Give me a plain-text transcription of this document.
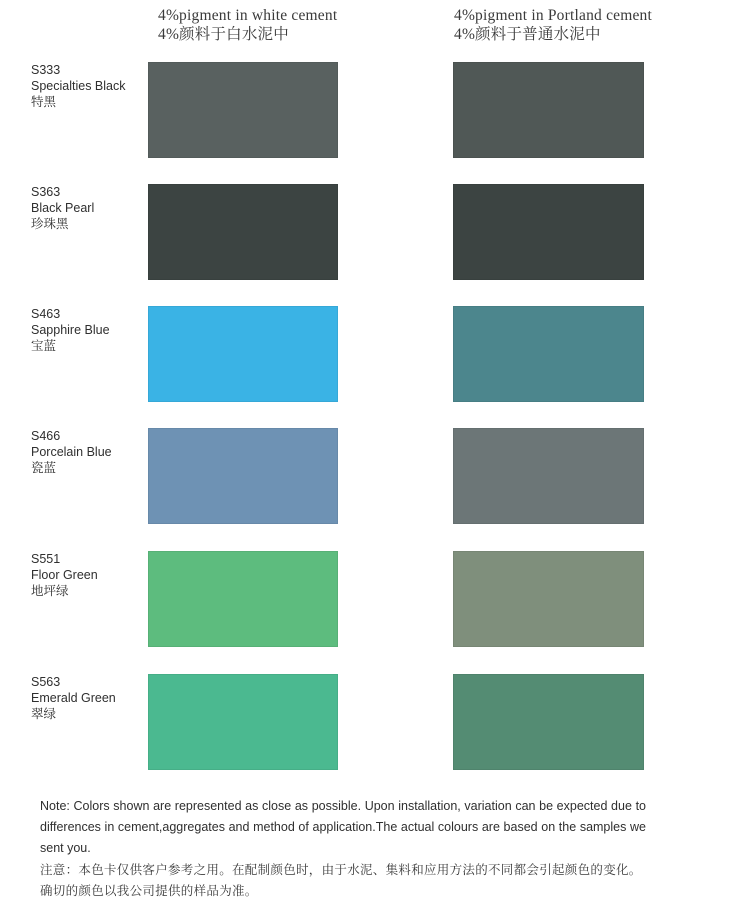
4%pigment in white cement
4%颜料于白水泥中
4%pigment in Portland cement
4%颜料于普通水泥中
S333
Specialties Black
特黑
S363
Black Pearl
珍珠黑
S463
Sapphire Blue
宝蓝
S466
Porcelain Blue
瓷蓝
S551
Floor Green
地坪绿
S563
Emerald Green
翠绿
Note: Colors shown are represented as close as possible. Upon installation, variation can be expected due to differences in cement,aggregates and method of application.The actual colours are based on the samples we sent you.
注意：本色卡仅供客户参考之用。在配制颜色时，由于水泥、集料和应用方法的不同都会引起颜色的变化。确切的颜色以我公司提供的样品为准。
